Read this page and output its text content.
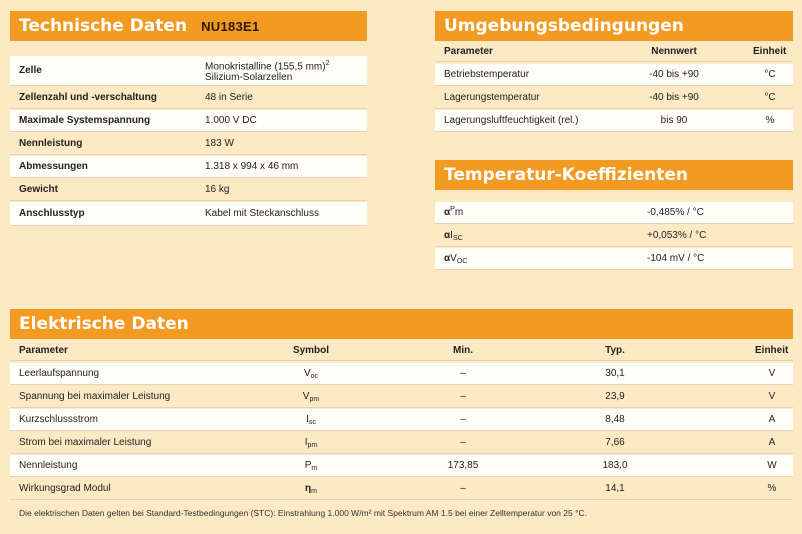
Technische Daten NU183E1
Zelle	Monokristalline (155,5 mm)$^2$
Silizium-Solarzellen
Zellenzahl und -verschaltung	48 in Serie
Maximale Systemspannung	1.000 V DC
Nennleistung	183 W
Abmessungen	1.318 x 994 x 46 mm
Gewicht	16 kg
Anschlusstyp	Kabel mit Steckanschluss
Umgebungsbedingungen
Parameter	Nennwert	Einheit
Betriebstemperatur	-40 bis +90	°C
Lagerungstemperatur	-40 bis +90	°C
Lagerungsluftfeuchtigkeit (rel.)	bis 90	%
Temperatur-Koeffizienten
α P m	-0,485% / °C
α I SC	+0,053% / °C
α V OC	-104 mV / °C
Elektrische Daten
Parameter	Symbol	Min.	Typ.	Einheit
Leerlaufspannung	V oc	–	30,1	V
Spannung bei maximaler Leistung	V pm	–	23,9	V
Kurzschlussstrom	I sc	–	8,48	A
Strom bei maximaler Leistung	I pm	–	7,66	A
Nennleistung	P m	173,85	183,0	W
Wirkungsgrad Modul	η m	–	14,1	%
Die elektrischen Daten gelten bei Standard-Testbedingungen (STC): Einstrahlung 1.000 W/m² mit Spektrum AM 1.5 bei einer Zelltemperatur von 25 °C.
